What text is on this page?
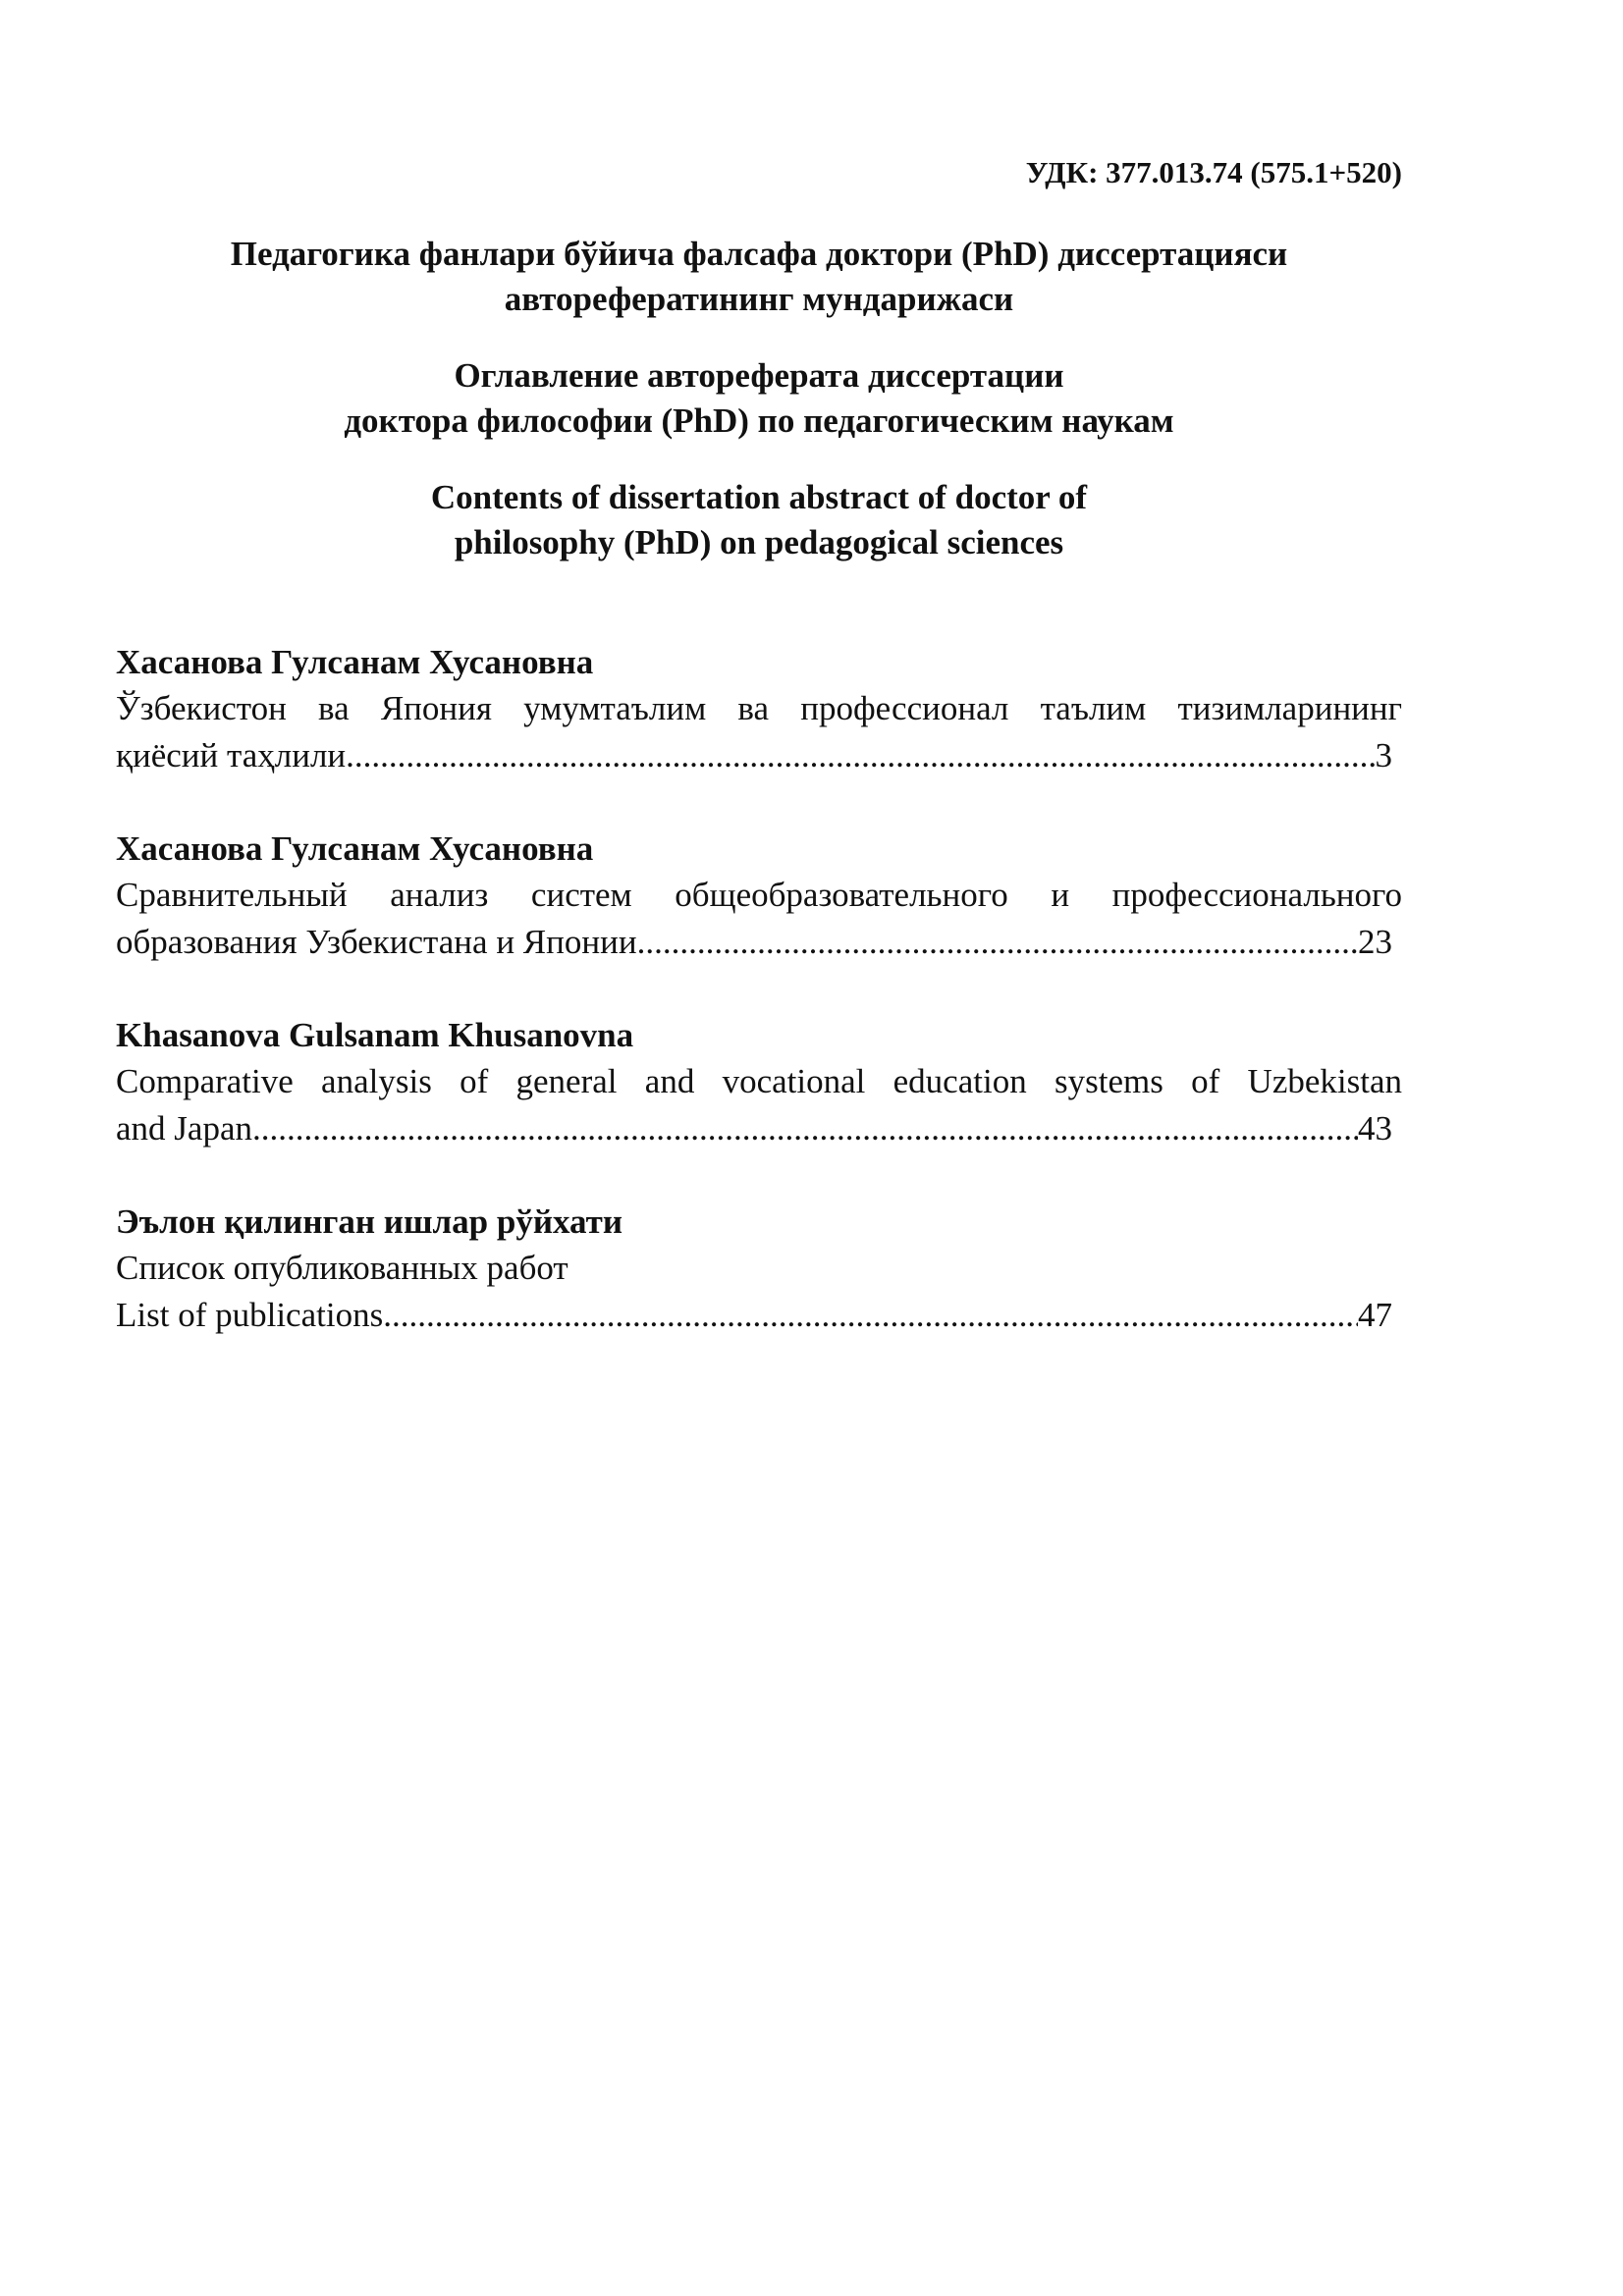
УДК: 377.013.74 (575.1+520)
Педагогика фанлари бўйича фалсафа доктори (PhD) диссертацияси
авторефератининг мундарижаси
Оглавление автореферата диссертации
доктора философии (PhD) по педагогическим наукам
Contents of dissertation abstract of doctor of
philosophy (PhD) on pedagogical sciences
Хасанова Гулсанам Хусановна
Ўзбекистон ва Япония умумтаълим ва профессионал таълим тизимларининг
қиёсий таҳлили .....	3
Хасанова Гулсанам Хусановна
Сравнительный анализ систем общеобразовательного и профессионального
образования Узбекистана и Японии .....	23
Khasanova Gulsanam Khusanovna
Comparative analysis of general and vocational education systems of Uzbekistan
and Japan .....	43
Эълон қилинган ишлар рўйхати
Список опубликованных работ
List of publications .....	47
